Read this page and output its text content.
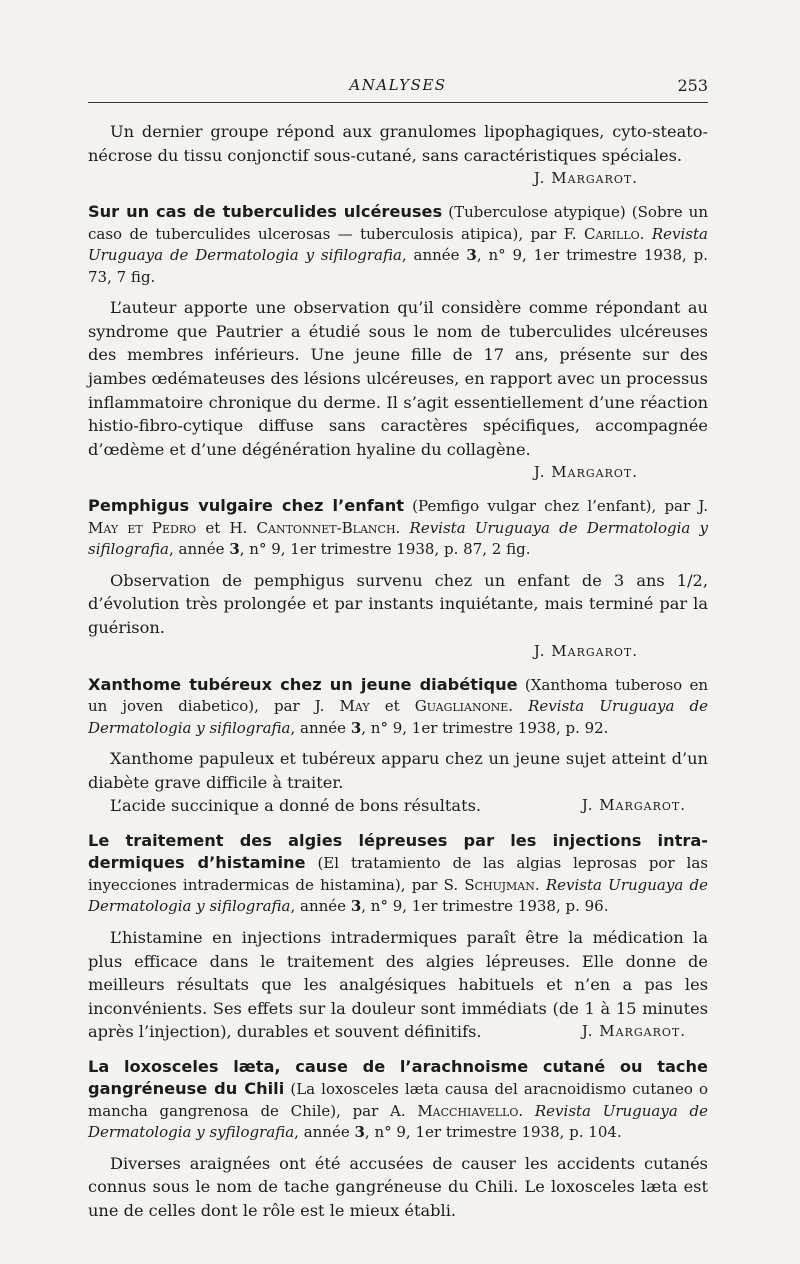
ANALYSES	253

Un dernier groupe répond aux granulomes lipophagiques, cyto-steato-nécrose du tissu conjonctif sous-cutané, sans caractéristiques spéciales.

J. Margarot.

Sur un cas de tuberculides ulcéreuses (Tuberculose atypique) (Sobre un caso de tuberculides ulcerosas — tuberculosis atipica), par F. Carillo. Revista Uruguaya de Dermatologia y sifilografia, année 3, n° 9, 1er trimestre 1938, p. 73, 7 fig.

L’auteur apporte une observation qu’il considère comme répondant au syndrome que Pautrier a étudié sous le nom de tuberculides ulcéreuses des membres inférieurs. Une jeune fille de 17 ans, présente sur des jambes œdémateuses des lésions ulcéreuses, en rapport avec un processus inflammatoire chronique du derme. Il s’agit essentiellement d’une réaction histio-fibro-cytique diffuse sans caractères spécifiques, accompagnée d’œdème et d’une dégénération hyaline du collagène.

J. Margarot.

Pemphigus vulgaire chez l’enfant (Pemfigo vulgar chez l’enfant), par J. May et Pedro et H. Cantonnet-Blanch. Revista Uruguaya de Dermatologia y sifilografia, année 3, n° 9, 1er trimestre 1938, p. 87, 2 fig.

Observation de pemphigus survenu chez un enfant de 3 ans 1/2, d’évolution très prolongée et par instants inquiétante, mais terminé par la guérison.

J. Margarot.

Xanthome tubéreux chez un jeune diabétique (Xanthoma tuberoso en un joven diabetico), par J. May et Guaglianone. Revista Uruguaya de Dermatologia y sifilografia, année 3, n° 9, 1er trimestre 1938, p. 92.

Xanthome papuleux et tubéreux apparu chez un jeune sujet atteint d’un diabète grave difficile à traiter.

L’acide succinique a donné de bons résultats.	J. Margarot.

Le traitement des algies lépreuses par les injections intra-dermiques d’histamine (El tratamiento de las algias leprosas por las inyecciones intradermicas de histamina), par S. Schujman. Revista Uruguaya de Dermatologia y sifilografia, année 3, n° 9, 1er trimestre 1938, p. 96.

L’histamine en injections intradermiques paraît être la médication la plus efficace dans le traitement des algies lépreuses. Elle donne de meilleurs résultats que les analgésiques habituels et n’en a pas les inconvénients. Ses effets sur la douleur sont immédiats (de 1 à 15 minutes après l’injection), durables et souvent définitifs.	J. Margarot.

La loxosceles læta, cause de l’arachnoisme cutané ou tache gangréneuse du Chili (La loxosceles læta causa del aracnoidismo cutaneo o mancha gangrenosa de Chile), par A. Macchiavello. Revista Uruguaya de Dermatologia y syfilografia, année 3, n° 9, 1er trimestre 1938, p. 104.

Diverses araignées ont été accusées de causer les accidents cutanés connus sous le nom de tache gangréneuse du Chili. Le loxosceles læta est une de celles dont le rôle est le mieux établi.
